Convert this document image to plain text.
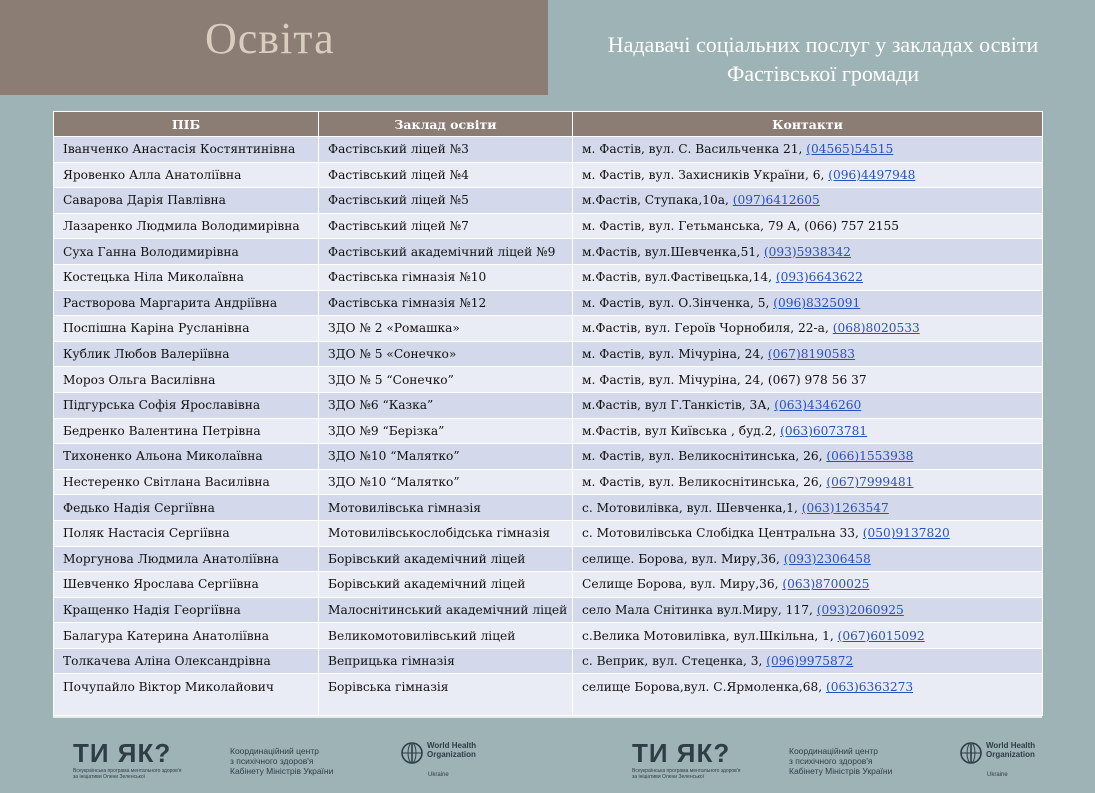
Освіта	Надавачі соціальних послуг у закладах освіти
Фастівської громади
ПІБ	Заклад освіти	Контакти
Іванченко Анастасія Костянтинівна	Фастівський ліцей №3	м. Фастів, вул. С. Васильченка 21, (04565)54515
Яровенко Алла Анатоліївна	Фастівський ліцей №4	м. Фастів, вул. Захисників України, 6, (096)4497948
Саварова Дарія Павлівна	Фастівський ліцей №5	м.Фастів, Ступака,10а, (097)6412605
Лазаренко Людмила Володимирівна	Фастівський ліцей №7	м. Фастів, вул. Гетьманська, 79 А, (066) 757 2155
Суха Ганна Володимирівна	Фастівський академічний ліцей №9	м.Фастів, вул.Шевченка,51, (093)5938342
Костецька Ніла Миколаївна	Фастівська гімназія №10	м.Фастів, вул.Фастівецька,14, (093)6643622
Растворова Маргарита Андріївна	Фастівська гімназія №12	м. Фастів, вул. О.Зінченка, 5, (096)8325091
Поспішна Каріна Русланівна	ЗДО № 2 «Ромашка»	м.Фастів, вул. Героїв Чорнобиля, 22-а, (068)8020533
Кублик Любов Валеріївна	ЗДО № 5 «Сонечко»	м. Фастів, вул. Мічуріна, 24, (067)8190583
Мороз Ольга Василівна	ЗДО № 5 “Сонечко”	м. Фастів, вул. Мічуріна, 24, (067) 978 56 37
Підгурська Софія Ярославівна	ЗДО №6 “Казка”	м.Фастів, вул Г.Танкістів, 3А, (063)4346260
Бедренко Валентина Петрівна	ЗДО №9 “Берізка”	м.Фастів, вул Київська , буд.2, (063)6073781
Тихоненко Альона Миколаївна	ЗДО №10 “Малятко”	м. Фастів, вул. Великоснітинська, 26, (066)1553938
Нестеренко Світлана Василівна	ЗДО №10 “Малятко”	м. Фастів, вул. Великоснітинська, 26, (067)7999481
Федько Надія Сергіївна	Мотовилівська гімназія	с. Мотовилівка, вул. Шевченка,1, (063)1263547
Поляк Настасія Сергіївна	Мотовилівськослобідська гімназія	с. Мотовилівська Слобідка Центральна 33, (050)9137820
Моргунова Людмила Анатоліївна	Борівський академічний ліцей	селище. Борова, вул. Миру,36, (093)2306458
Шевченко Ярослава Сергіївна	Борівський академічний ліцей	Селище Борова, вул. Миру,36, (063)8700025
Кращенко Надія Георгіївна	Малоснітинський академічний ліцей	село Мала Снітинка вул.Миру, 117, (093)2060925
Балагура Катерина Анатоліївна	Великомотовилівський ліцей	с.Велика Мотовилівка, вул.Шкільна, 1, (067)6015092
Толкачева Аліна Олександрівна	Веприцька гімназія	с. Веприк, вул. Стеценка, 3, (096)9975872
Почупайло Віктор Миколайович	Борівська гімназія	селище Борова,вул. С.Ярмоленка,68, (063)6363273
ТИ ЯК?
Всеукраїнська програма ментального здоров'я за ініціативи Олени Зеленської
Координаційний центр
з психічного здоров'я
Кабінету Міністрів України
World Health
Organization
Ukraine
ТИ ЯК?
Всеукраїнська програма ментального здоров'я за ініціативи Олени Зеленської
Координаційний центр
з психічного здоров'я
Кабінету Міністрів України
World Health
Organization
Ukraine
